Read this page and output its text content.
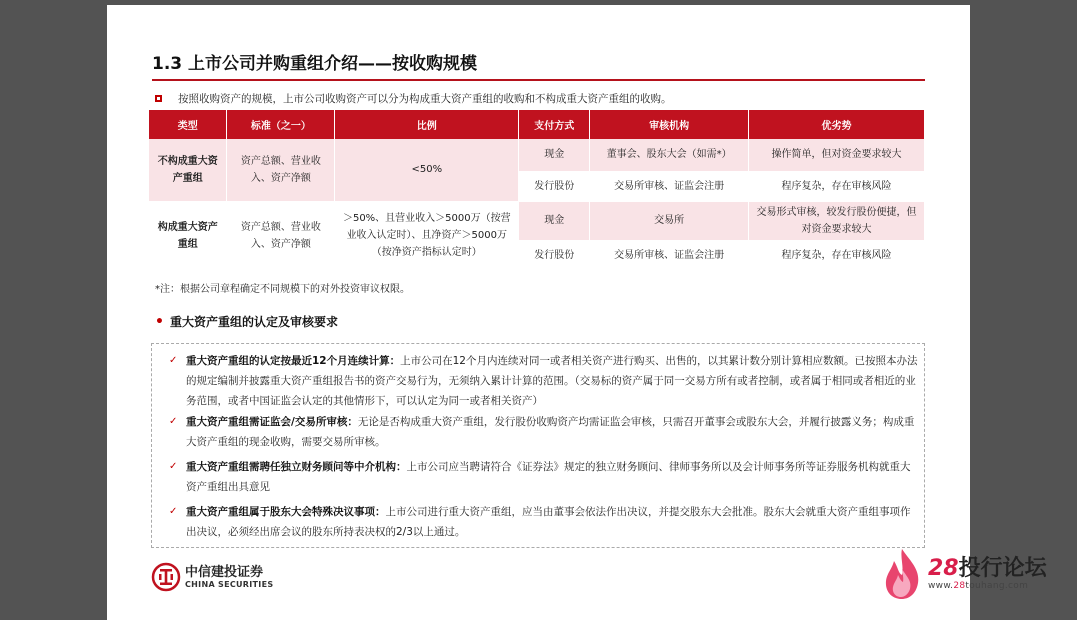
1.3 上市公司并购重组介绍——按收购规模
按照收购资产的规模，上市公司收购资产可以分为构成重大资产重组的收购和不构成重大资产重组的收购。
类型	标准（之一）	比例	支付方式	审核机构	优劣势
不构成重大资产重组	资产总额、营业收入、资产净额	<50%	现金	董事会、股东大会（如需*）	操作简单，但对资金要求较大
			发行股份	交易所审核、证监会注册	程序复杂，存在审核风险
构成重大资产重组	资产总额、营业收入、资产净额	＞50%、且营业收入＞5000万（按营业收入认定时）、且净资产＞5000万（按净资产指标认定时）	现金	交易所	交易形式审核，较发行股份便捷，但对资金要求较大
			发行股份	交易所审核、证监会注册	程序复杂，存在审核风险
*注：根据公司章程确定不同规模下的对外投资审议权限。
• 重大资产重组的认定及审核要求
✓ 重大资产重组的认定按最近12个月连续计算：上市公司在12个月内连续对同一或者相关资产进行购买、出售的，以其累计数分别计算相应数额。已按照本办法的规定编制并披露重大资产重组报告书的资产交易行为，无须纳入累计计算的范围。（交易标的资产属于同一交易方所有或者控制，或者属于相同或者相近的业务范围，或者中国证监会认定的其他情形下，可以认定为同一或者相关资产）
✓ 重大资产重组需证监会/交易所审核：无论是否构成重大资产重组，发行股份收购资产均需证监会审核，只需召开董事会或股东大会，并履行披露义务；构成重大资产重组的现金收购，需要交易所审核。
✓ 重大资产重组需聘任独立财务顾问等中介机构：上市公司应当聘请符合《证券法》规定的独立财务顾问、律师事务所以及会计师事务所等证券服务机构就重大资产重组出具意见
✓ 重大资产重组属于股东大会特殊决议事项：上市公司进行重大资产重组，应当由董事会依法作出决议，并提交股东大会批准。股东大会就重大资产重组事项作出决议，必须经出席会议的股东所持表决权的2/3以上通过。
中信建投证券
CHINA SECURITIES
28投行论坛
www.28touhang.com
